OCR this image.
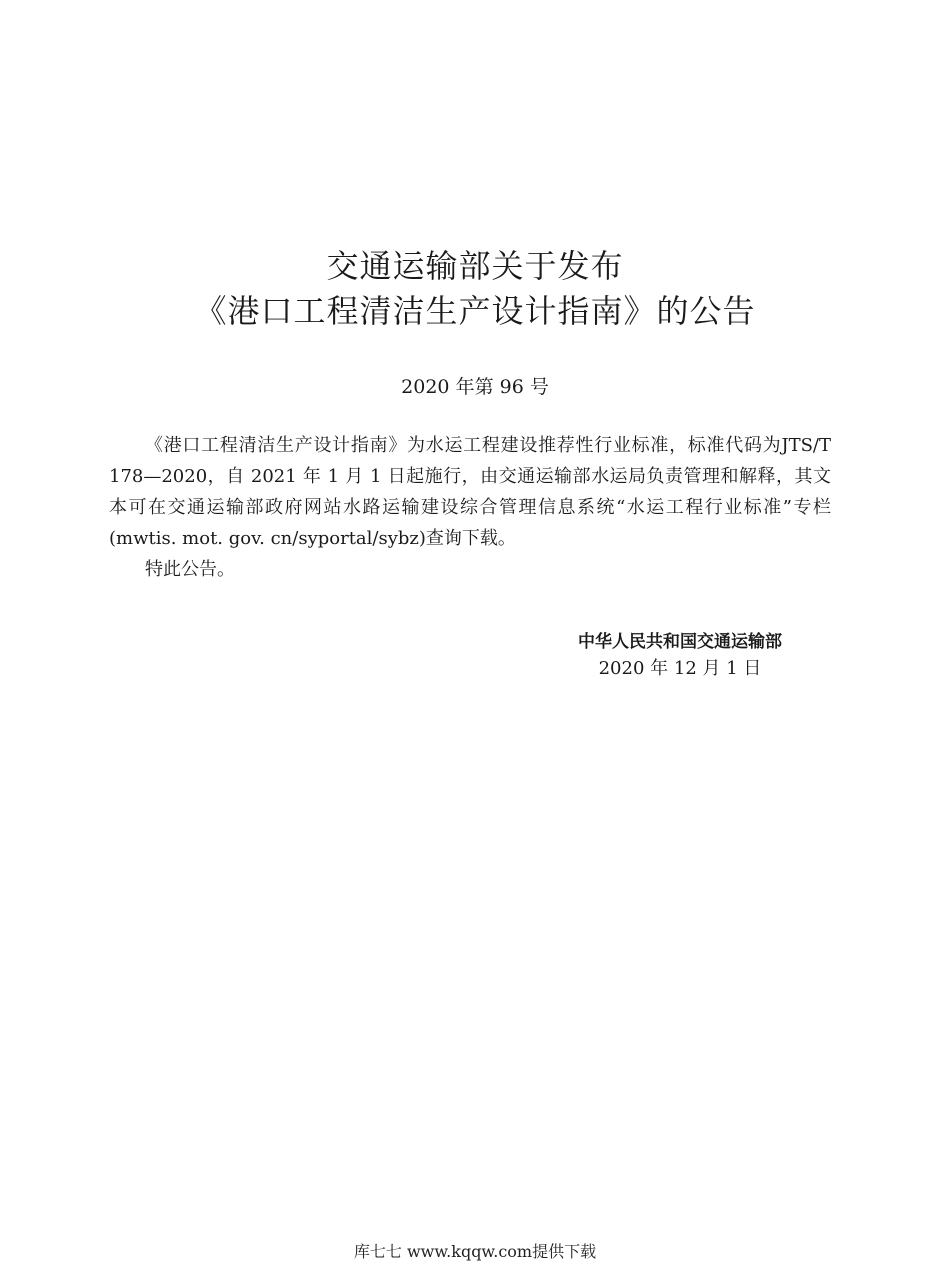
交通运输部关于发布
《港口工程清洁生产设计指南》的公告
2020 年第 96 号

《港口工程清洁生产设计指南》为水运工程建设推荐性行业标准，标准代码为JTS/T 178—2020，自 2021 年 1 月 1 日起施行，由交通运输部水运局负责管理和解释，其文本可在交通运输部政府网站水路运输建设综合管理信息系统“水运工程行业标准”专栏(mwtis. mot. gov. cn/syportal/sybz)查询下载。

特此公告。

中华人民共和国交通运输部
2020 年 12 月 1 日
库七七 www.kqqw.com提供下载
